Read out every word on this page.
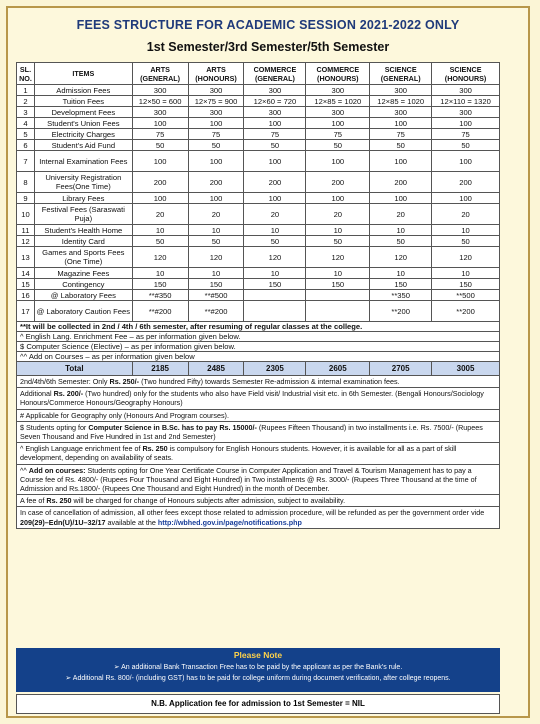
FEES STRUCTURE FOR ACADEMIC SESSION 2021-2022 ONLY
1st Semester/3rd Semester/5th Semester
SL. NO.	ITEMS	ARTS (GENERAL)	ARTS (HONOURS)	COMMERCE (GENERAL)	COMMERCE (HONOURS)	SCIENCE (GENERAL)	SCIENCE (HONOURS)
1	Admission Fees	300	300	300	300	300	300
2	Tuition Fees	12×50 = 600	12×75 = 900	12×60 = 720	12×85 = 1020	12×85 = 1020	12×110 = 1320
3	Development Fees	300	300	300	300	300	300
4	Student's Union Fees	100	100	100	100	100	100
5	Electricity Charges	75	75	75	75	75	75
6	Student's Aid Fund	50	50	50	50	50	50
7	Internal Examination Fees	100	100	100	100	100	100
8	University Registration Fees(One Time)	200	200	200	200	200	200
9	Library Fees	100	100	100	100	100	100
10	Festival Fees (Saraswati Puja)	20	20	20	20	20	20
11	Student's Health Home	10	10	10	10	10	10
12	Identity Card	50	50	50	50	50	50
13	Games and Sports Fees (One Time)	120	120	120	120	120	120
14	Magazine Fees	10	10	10	10	10	10
15	Contingency	150	150	150	150	150	150
16	@ Laboratory Fees	**#350	**#500			**350	**500
17	@ Laboratory Caution Fees	**#200	**#200			**200	**200
**It will be collected in 2nd / 4th / 6th semester, after resuming of regular classes at the college.							
^ English Lang. Enrichment Fee – as per information given below.							
$ Computer Science (Elective) – as per information given below.							
^^ Add on Courses – as per information given below							
Total		2185	2485	2305	2605	2705	3005
2nd/4th/6th Semester: Only Rs. 250/- (Two hundred Fifty) towards Semester Re-admission & internal examination fees.							
Additional Rs. 200/- (Two hundred) only for the students who also have Field visit/ Industrial visit etc. in 6th Semester. (Bengali Honours/Sociology Honours/Commerce Honours/Geography Honours)							
# Applicable for Geography only (Honours And Program courses).							
$ Students opting for Computer Science in B.Sc. has to pay Rs. 15000/- (Rupees Fifteen Thousand) in two installments i.e. Rs. 7500/- (Rupees Seven Thousand and Five Hundred in 1st and 2nd Semester)							
^ English Language enrichment fee of Rs. 250 is compulsory for English Honours students. However, it is available for all as a part of skill development, depending on availability of seats.							
^^ Add on courses: Students opting for One Year Certificate Course in Computer Application and Travel & Tourism Management has to pay a Course fee of Rs. 4800/- (Rupees Four Thousand and Eight Hundred) in Two installments @ Rs. 3000/- (Rupees Three Thousand at the time of Admission and Rs.1800/- (Rupees One Thousand and Eight Hundred) in the month of December.							
A fee of Rs. 250 will be charged for change of Honours subjects after admission, subject to availability.							
In case of cancellation of admission, all other fees except those related to admission procedure, will be refunded as per the government order vide 209(29)–Edn(U)/1U–32/17 available at the http://wbhed.gov.in/page/notifications.php							
Please Note
➢ An additional Bank Transaction Free has to be paid by the applicant as per the Bank's rule.
➢ Additional Rs. 800/- (including GST) has to be paid for college uniform during document verification, after college reopens.
N.B. Application fee for admission to 1st Semester = NIL
